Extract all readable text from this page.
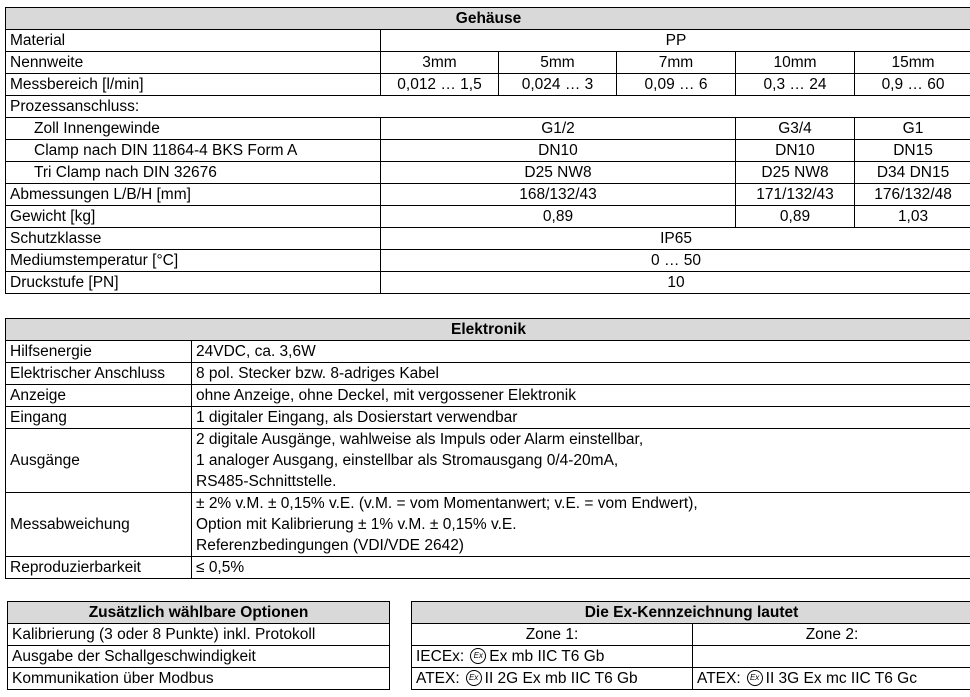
Gehäuse					
Material	PP				
Nennweite	3mm	5mm	7mm	10mm	15mm
Messbereich [l/min]	0,012 … 1,5	0,024 … 3	0,09 … 6	0,3 … 24	0,9 … 60
Prozessanschluss:					
Zoll Innengewinde	G1/2			G3/4	G1
Clamp nach DIN 11864-4 BKS Form A	DN10			DN10	DN15
Tri Clamp nach DIN 32676	D25 NW8			D25 NW8	D34 DN15
Abmessungen L/B/H [mm]	168/132/43			171/132/43	176/132/48
Gewicht [kg]	0,89			0,89	1,03
Schutzklasse	IP65				
Mediumstemperatur [°C]	0 … 50				
Druckstufe [PN]	10				
Elektronik	
Hilfsenergie	24VDC, ca. 3,6W
Elektrischer Anschluss	8 pol. Stecker bzw. 8-adriges Kabel
Anzeige	ohne Anzeige, ohne Deckel, mit vergossener Elektronik
Eingang	1 digitaler Eingang, als Dosierstart verwendbar
Ausgänge	2 digitale Ausgänge, wahlweise als Impuls oder Alarm einstellbar,
1 analoger Ausgang, einstellbar als Stromausgang 0/4-20mA,
RS485-Schnittstelle.

Messabweichung	± 2% v.M. ± 0,15% v.E. (v.M. = vom Momentanwert; v.E. = vom Endwert),
Option mit Kalibrierung ± 1% v.M. ± 0,15% v.E.
Referenzbedingungen (VDI/VDE 2642)

Reproduzierbarkeit	≤ 0,5%
Zusätzlich wählbare Optionen
Kalibrierung (3 oder 8 Punkte) inkl. Protokoll
Ausgabe der Schallgeschwindigkeit
Kommunikation über Modbus
Die Ex-Kennzeichnung lautet	
Zone 1:	Zone 2:
IECEx: Ex Ex mb IIC T6 Gb	
ATEX: Ex II 2G Ex mb IIC T6 Gb	ATEX: Ex II 3G Ex mc IIC T6 Gc
